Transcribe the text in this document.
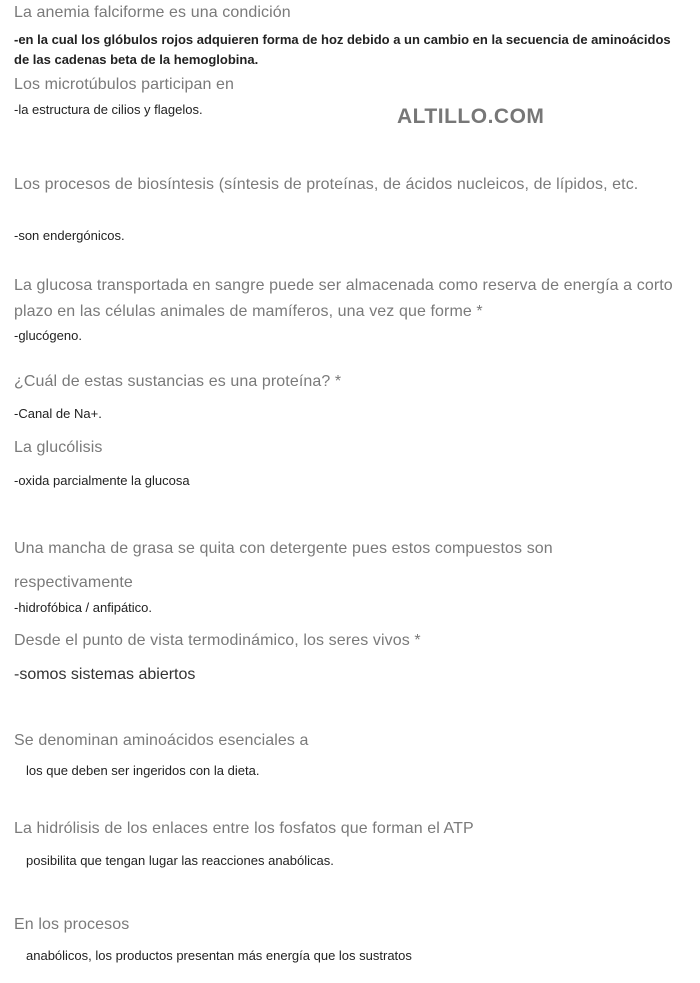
La anemia falciforme es una condición

-en la cual los glóbulos rojos adquieren forma de hoz debido a un cambio en la secuencia de aminoácidos de las cadenas beta de la hemoglobina.

Los microtúbulos participan en

-la estructura de cilios y flagelos.	ALTILLO.COM

Los procesos de biosíntesis (síntesis de proteínas, de ácidos nucleicos, de lípidos, etc.

-son endergónicos.

La glucosa transportada en sangre puede ser almacenada como reserva de energía a corto plazo en las células animales de mamíferos, una vez que forme *

-glucógeno.

¿Cuál de estas sustancias es una proteína? *

-Canal de Na+.

La glucólisis

-oxida parcialmente la glucosa

Una mancha de grasa se quita con detergente pues estos compuestos son respectivamente

-hidrofóbica / anfipático.

Desde el punto de vista termodinámico, los seres vivos *

-somos sistemas abiertos

Se denominan aminoácidos esenciales a

los que deben ser ingeridos con la dieta.

La hidrólisis de los enlaces entre los fosfatos que forman el ATP

posibilita que tengan lugar las reacciones anabólicas.

En los procesos

anabólicos, los productos presentan más energía que los sustratos
